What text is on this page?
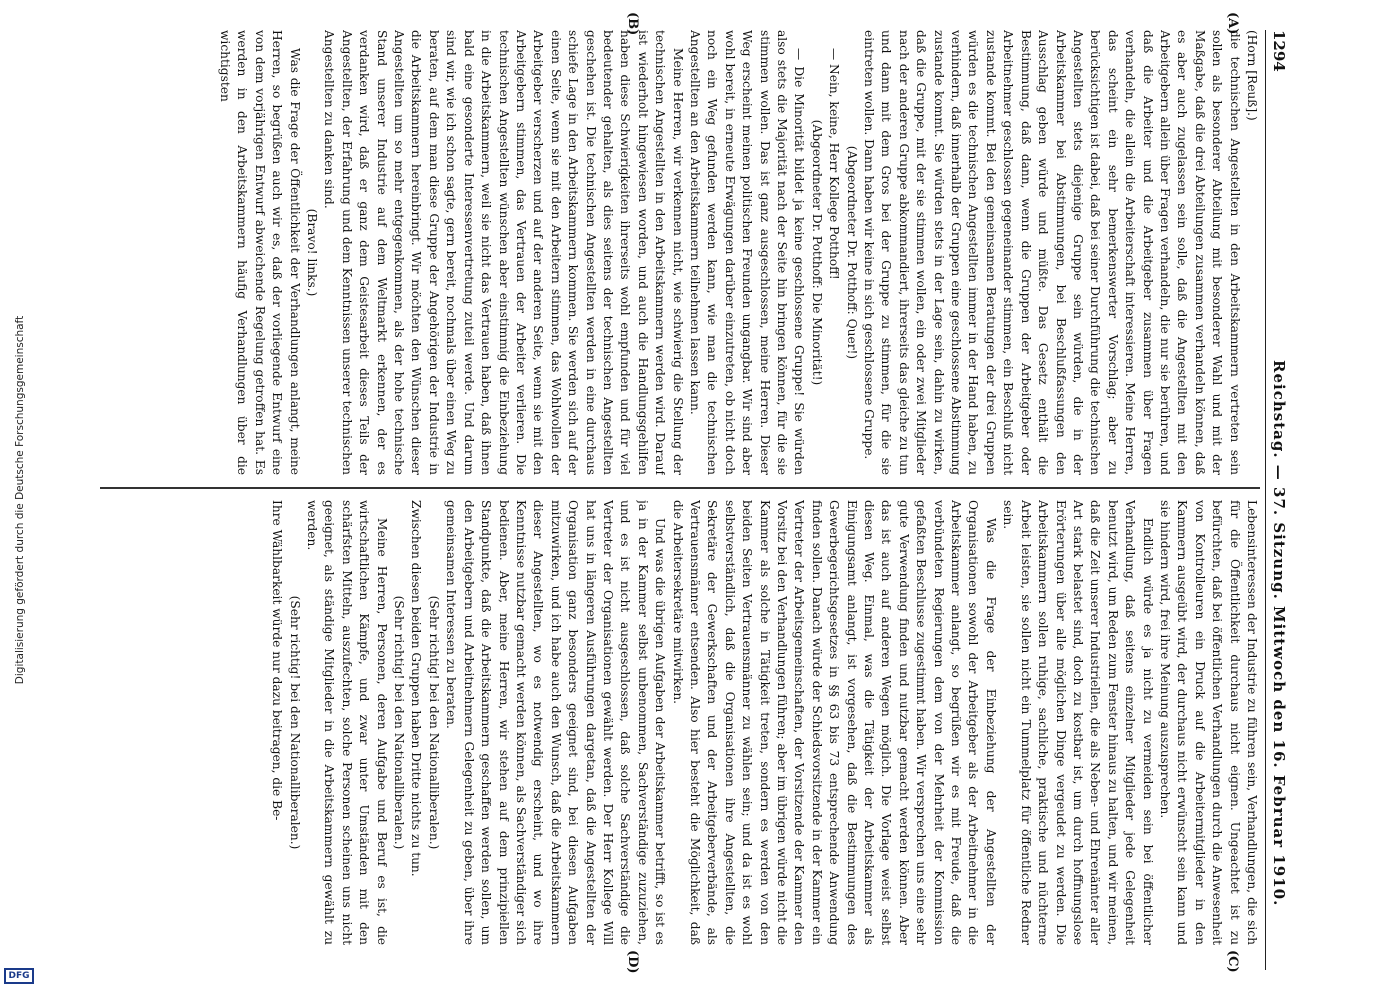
Digitalisierung gefördert durch die Deutsche Forschungsgemeinschaft
DFG
1294
Reichstag. — 37. Sitzung. Mittwoch den 16. Februar 1910.
(A)
(B)
(C)
(D)

(Horn [Reuß].)

die technischen Angestellten in den Arbeitskammern vertreten sein sollen als besonderer Abteilung mit besonderer Wahl und mit der Maßgabe, daß die drei Abteilungen zusammen verhandeln können, daß es aber auch zugelassen sein solle, daß die Angestellten mit den Arbeitgebern allein über Fragen verhandeln, die nur sie berühren, und daß die Arbeiter und die Arbeitgeber zusammen über Fragen verhandeln, die allein die Arbeiterschaft interessieren. Meine Herren, das scheint ein sehr bemerkenswerter Vorschlag; aber zu berücksichtigen ist dabei, daß bei seiner Durchführung die technischen Angestellten stets diejenige Gruppe sein würden, die in der Arbeitskammer bei Abstimmungen, bei Beschlußfassungen den Ausschlag geben würde und müßte. Das Gesetz enthält die Bestimmung, daß dann, wenn die Gruppen der Arbeitgeber oder Arbeitnehmer geschlossen gegeneinander stimmen, ein Beschluß nicht zustande kommt. Bei den gemeinsamen Beratungen der drei Gruppen würden es die technischen Angestellten immer in der Hand haben, zu verhindern, daß innerhalb der Gruppen eine geschlossene Abstimmung zustande kommt. Sie würden stets in der Lage sein, dahin zu wirken, daß die Gruppe, mit der sie stimmen wollen, ein oder zwei Mitglieder nach der anderen Gruppe abkommandiert, ihrerseits das gleiche zu tun und dann mit dem Gros bei der Gruppe zu stimmen, für die sie eintreten wollen. Dann haben wir keine in sich geschlossene Gruppe.

(Abgeordneter Dr. Potthoff: Quer!)

— Nein, keine, Herr Kollege Potthoff!

(Abgeordneter Dr. Potthoff: Die Minorität!)

— Die Minorität bildet ja keine geschlossene Gruppe! Sie würden also stets die Majorität nach der Seite hin bringen können, für die sie stimmen wollen. Das ist ganz ausgeschlossen, meine Herren. Dieser Weg erscheint meinen politischen Freunden ungangbar. Wir sind aber wohl bereit, in erneute Erwägungen darüber einzutreten, ob nicht doch noch ein Weg gefunden werden kann, wie man die technischen Angestellten an den Arbeitskammern teilnehmen lassen kann.

Meine Herren, wir verkennen nicht, wie schwierig die Stellung der technischen Angestellten in den Arbeitskammern werden wird. Darauf ist wiederholt hingewiesen worden, und auch die Handlungsgehilfen haben diese Schwierigkeiten ihrerseits wohl empfunden und für viel bedeutender gehalten, als dies seitens der technischen Angestellten geschehen ist. Die technischen Angestellten werden in eine durchaus schiefe Lage in den Arbeitskammern kommen. Sie werden sich auf der einen Seite, wenn sie mit den Arbeitern stimmen, das Wohlwollen der Arbeitgeber verscherzen und auf der anderen Seite, wenn sie mit den Arbeitgebern stimmen, das Vertrauen der Arbeiter verlieren. Die technischen Angestellten wünschen aber einstimmig die Einbeziehung in die Arbeitskammern, weil sie nicht das Vertrauen haben, daß ihnen bald eine gesonderte Interessenvertretung zuteil werde. Und darum sind wir, wie ich schon sagte, gern bereit, nochmals über einen Weg zu beraten, auf dem man diese Gruppe der Angehörigen der Industrie in die Arbeitskammern hereinbringt. Wir möchten den Wünschen dieser Angestellten um so mehr entgegenkommen, als der hohe technische Stand unserer Industrie auf dem Weltmarkt erkennen, der es verdanken wird, daß er ganz dem Geistesarbeit dieses Teils der Angestellten, der Erfahrung und dem Kenntnissen unserer technischen Angestellten zu danken sind.

(Bravo! links.)

Was die Frage der Öffentlichkeit der Verhandlungen anlangt, meine Herren, so begrüßen auch wir es, daß der vorliegende Entwurf eine von dem vorjährigen Entwurf abweichende Regelung getroffen hat. Es werden in den Arbeitskammern häufig Verhandlungen über die wichtigsten

Lebensinteressen der Industrie zu führen sein, Verhandlungen, die sich für die Öffentlichkeit durchaus nicht eignen. Ungeachtet ist zu befürchten, daß bei öffentlichen Verhandlungen durch die Anwesenheit von Kontrolleuren ein Druck auf die Arbeitermitglieder in den Kammern ausgeübt wird, der durchaus nicht erwünscht sein kann und sie hindern wird, frei ihre Meinung auszusprechen.

Endlich würde es ja nicht zu vermeiden sein bei öffentlicher Verhandlung, daß seitens einzelner Mitglieder jede Gelegenheit benutzt wird, um Reden zum Fenster hinaus zu halten, und wir meinen, daß die Zeit unserer Industriellen, die als Neben- und Ehrenämter aller Art stark belastet sind, doch zu kostbar ist, um durch hoffnungslose Erörterungen über alle möglichen Dinge vergeudet zu werden. Die Arbeitskammern sollen ruhige, sachliche, praktische und nüchterne Arbeit leisten, sie sollen nicht ein Tummelplatz für öffentliche Redner sein.

Was die Frage der Einbeziehung der Angestellten der Organisationen sowohl der Arbeitgeber als der Arbeitnehmer in die Arbeitskammer anlangt, so begrüßen wir es mit Freude, daß die verbündeten Regierungen dem von der Mehrheit der Kommission gefaßten Beschlusse zugestimmt haben. Wir versprechen uns eine sehr gute Verwendung finden und nutzbar gemacht werden können. Aber das ist auch auf anderen Wegen möglich. Die Vorlage weist selbst diesen Weg. Einmal, was die Tätigkeit der Arbeitskammer als Einigungsamt anlangt, ist vorgesehen, daß die Bestimmungen des Gewerbegerichtsgesetzes in §§ 63 bis 73 entsprechende Anwendung finden sollen. Danach würde der Schiedsvorsitzende in der Kammer ein Vertreter der Arbeitsgemeinschaften, der Vorsitzende der Kammer den Vorsitz bei den Verhandlungen führen; aber im übrigen würde nicht die Kammer als solche in Tätigkeit treten, sondern es werden von den beiden Seiten Vertrauensmänner zu wählen sein; und da ist es wohl selbstverständlich, daß die Organisationen ihre Angestellten, die Sekretäre der Gewerkschaften und der Arbeitgeberverbände, als Vertrauensmänner entsenden. Also hier besteht die Möglichkeit, daß die Arbeitersekretäre mitwirken.

Und was die übrigen Aufgaben der Arbeitskammer betrifft, so ist es ja in der Kammer selbst unbenommen, Sachverständige zuzuziehen, und es ist nicht ausgeschlossen, daß solche Sachverständige die Vertreter der Organisationen gewählt werden. Der Herr Kollege Will hat uns in längeren Ausführungen dargetan, daß die Angestellten der Organisation ganz besonders geeignet sind, bei diesen Aufgaben mitzuwirken, und ich habe auch den Wunsch, daß die Arbeitskammern dieser Angestellten, wo es notwendig erscheint, und wo ihre Kenntnisse nutzbar gemacht werden können, als Sachverständiger sich bedienen. Aber, meine Herren, wir stehen auf dem prinzipiellen Standpunkte, daß die Arbeitskammern geschaffen werden sollen, um den Arbeitgebern und Arbeitnehmern Gelegenheit zu geben, über ihre gemeinsamen Interessen zu beraten.

(Sehr richtig! bei den Nationalliberalen.)

Zwischen diesen beiden Gruppen haben Dritte nichts zu tun.

(Sehr richtig! bei den Nationalliberalen.)

Meine Herren, Personen, deren Aufgabe und Beruf es ist, die wirtschaftlichen Kämpfe, und zwar unter Umständen mit den schärfsten Mitteln, auszufechten, solche Personen scheinen uns nicht geeignet, als ständige Mitglieder in die Arbeitskammern gewählt zu werden.

(Sehr richtig! bei den Nationalliberalen.)

Ihre Wählbarkeit würde nur dazu beitragen, die Be-
